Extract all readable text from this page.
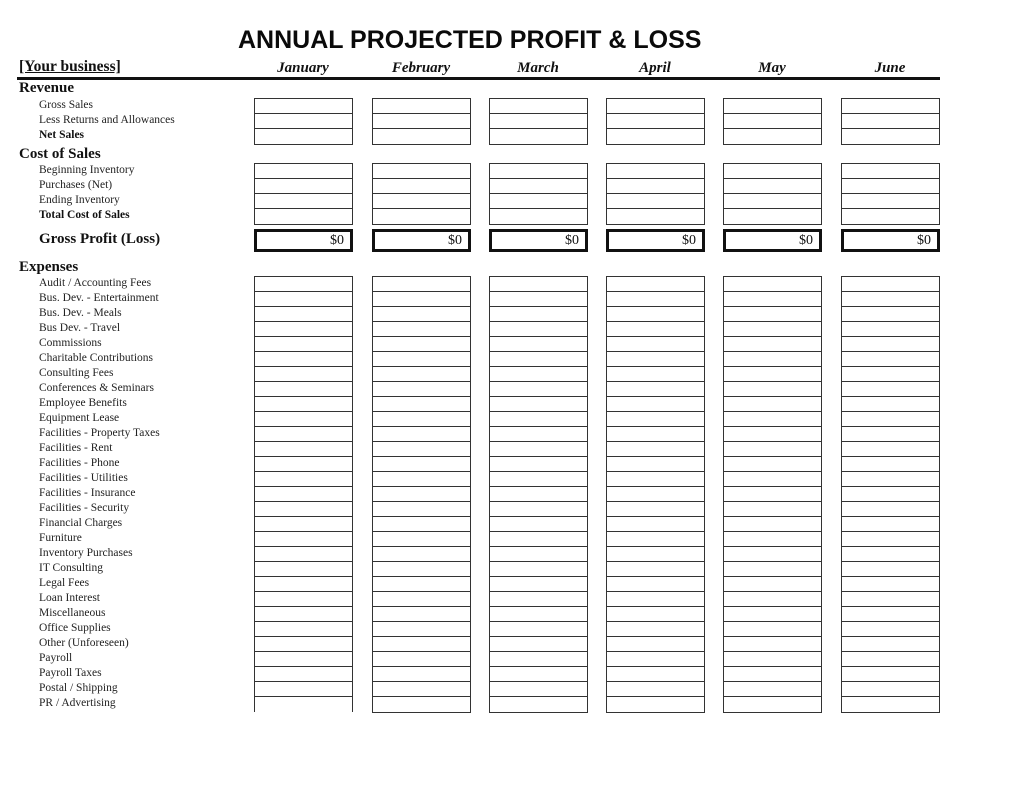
ANNUAL PROJECTED PROFIT & LOSS
[Your business]	January	February	March	April	May	June
Revenue
Gross Sales
Less Returns and Allowances
Net Sales
Cost of Sales
Beginning Inventory
Purchases (Net)
Ending Inventory
Total Cost of Sales
Gross Profit (Loss)	$0	$0	$0	$0	$0	$0
Expenses
Audit / Accounting Fees
Bus. Dev. - Entertainment
Bus. Dev. - Meals
Bus Dev. - Travel
Commissions
Charitable Contributions
Consulting Fees
Conferences & Seminars
Employee Benefits
Equipment Lease
Facilities - Property Taxes
Facilities - Rent
Facilities - Phone
Facilities - Utilities
Facilities - Insurance
Facilities - Security
Financial Charges
Furniture
Inventory Purchases
IT Consulting
Legal Fees
Loan Interest
Miscellaneous
Office Supplies
Other (Unforeseen)
Payroll
Payroll Taxes
Postal / Shipping
PR / Advertising
